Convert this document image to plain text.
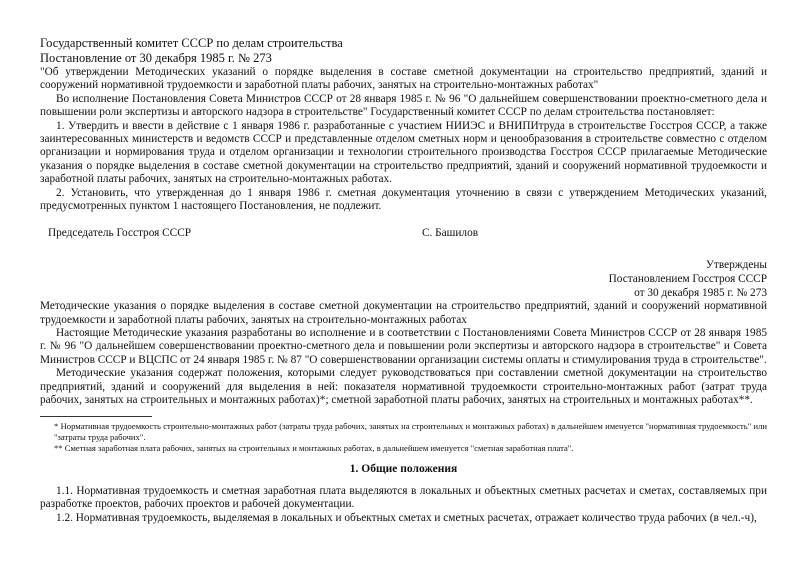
Государственный комитет СССР по делам строительства
Постановление от 30 декабря 1985 г. № 273

"Об утверждении Методических указаний о порядке выделения в составе сметной документации на строительство предприятий, зданий и сооружений нормативной трудоемкости и заработной платы рабочих, занятых на строительно-монтажных работах"

Во исполнение Постановления Совета Министров СССР от 28 января 1985 г. № 96 "О дальнейшем совершенствовании проектно-сметного дела и повышении роли экспертизы и авторского надзора в строительстве" Государственный комитет СССР по делам строительства постановляет:

1. Утвердить и ввести в действие с 1 января 1986 г. разработанные с участием НИИЭС и ВНИПИтруда в строительстве Госстроя СССР, а также заинтересованных министерств и ведомств СССР и представленные отделом сметных норм и ценообразования в строительстве совместно с отделом организации и нормирования труда и отделом организации и технологии строительного производства Госстроя СССР прилагаемые Методические указания о порядке выделения в составе сметной документации на строительство предприятий, зданий и сооружений нормативной трудоемкости и заработной платы рабочих, занятых на строительно-монтажных работах.

2. Установить, что утвержденная до 1 января 1986 г. сметная документация уточнению в связи с утверждением Методических указаний, предусмотренных пунктом 1 настоящего Постановления, не подлежит.

Председатель Госстроя СССР	С. Башилов
Утверждены
Постановлением Госстроя СССР
от 30 декабря 1985 г. № 273

Методические указания о порядке выделения в составе сметной документации на строительство предприятий, зданий и сооружений нормативной трудоемкости и заработной платы рабочих, занятых на строительно-монтажных работах

Настоящие Методические указания разработаны во исполнение и в соответствии с Постановлениями Совета Министров СССР от 28 января 1985 г. № 96 "О дальнейшем совершенствовании проектно-сметного дела и повышении роли экспертизы и авторского надзора в строительстве" и Совета Министров СССР и ВЦСПС от 24 января 1985 г. № 87 "О совершенствовании организации системы оплаты и стимулирования труда в строительстве".

Методические указания содержат положения, которыми следует руководствоваться при составлении сметной документации на строительство предприятий, зданий и сооружений для выделения в ней: показателя нормативной трудоемкости строительно-монтажных работ (затрат труда рабочих, занятых на строительных и монтажных работах)*; сметной заработной платы рабочих, занятых на строительных и монтажных работах**.

* Нормативная трудоемкость строительно-монтажных работ (затраты труда рабочих, занятых на строительных и монтажных работах) в дальнейшем именуется "нормативная трудоемкость" или "затраты труда рабочих".

** Сметная заработная плата рабочих, занятых на строительных и монтажных работах, в дальнейшем именуется "сметная заработная плата".

1. Общие положения

1.1. Нормативная трудоемкость и сметная заработная плата выделяются в локальных и объектных сметных расчетах и сметах, составляемых при разработке проектов, рабочих проектов и рабочей документации.

1.2. Нормативная трудоемкость, выделяемая в локальных и объектных сметах и сметных расчетах, отражает количество труда рабочих (в чел.-ч),
